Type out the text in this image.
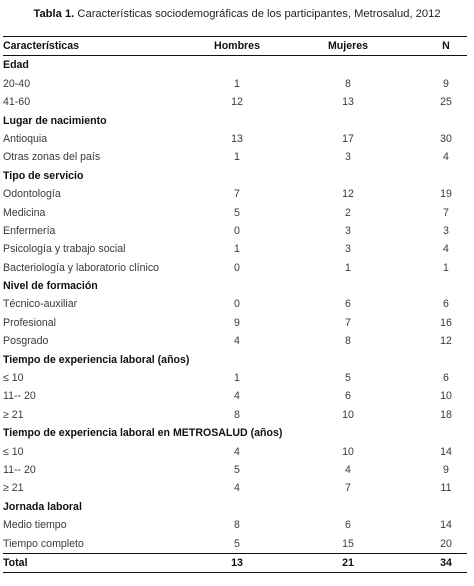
Tabla 1. Características sociodemográficas de los participantes, Metrosalud, 2012
Características	Hombres	Mujeres	N
Edad
20-40	1	8	9
41-60	12	13	25
Lugar de nacimiento
Antioquia	13	17	30
Otras zonas del país	1	3	4
Tipo de servicio
Odontología	7	12	19
Medicina	5	2	7
Enfermería	0	3	3
Psicología y trabajo social	1	3	4
Bacteriología y laboratorio clínico	0	1	1
Nivel de formación
Técnico-auxiliar	0	6	6
Profesional	9	7	16
Posgrado	4	8	12
Tiempo de experiencia laboral (años)
≤ 10	1	5	6
11-- 20	4	6	10
≥ 21	8	10	18
Tiempo de experiencia laboral en METROSALUD (años)
≤ 10	4	10	14
11-- 20	5	4	9
≥ 21	4	7	11
Jornada laboral
Medio tiempo	8	6	14
Tiempo completo	5	15	20
Total	13	21	34
